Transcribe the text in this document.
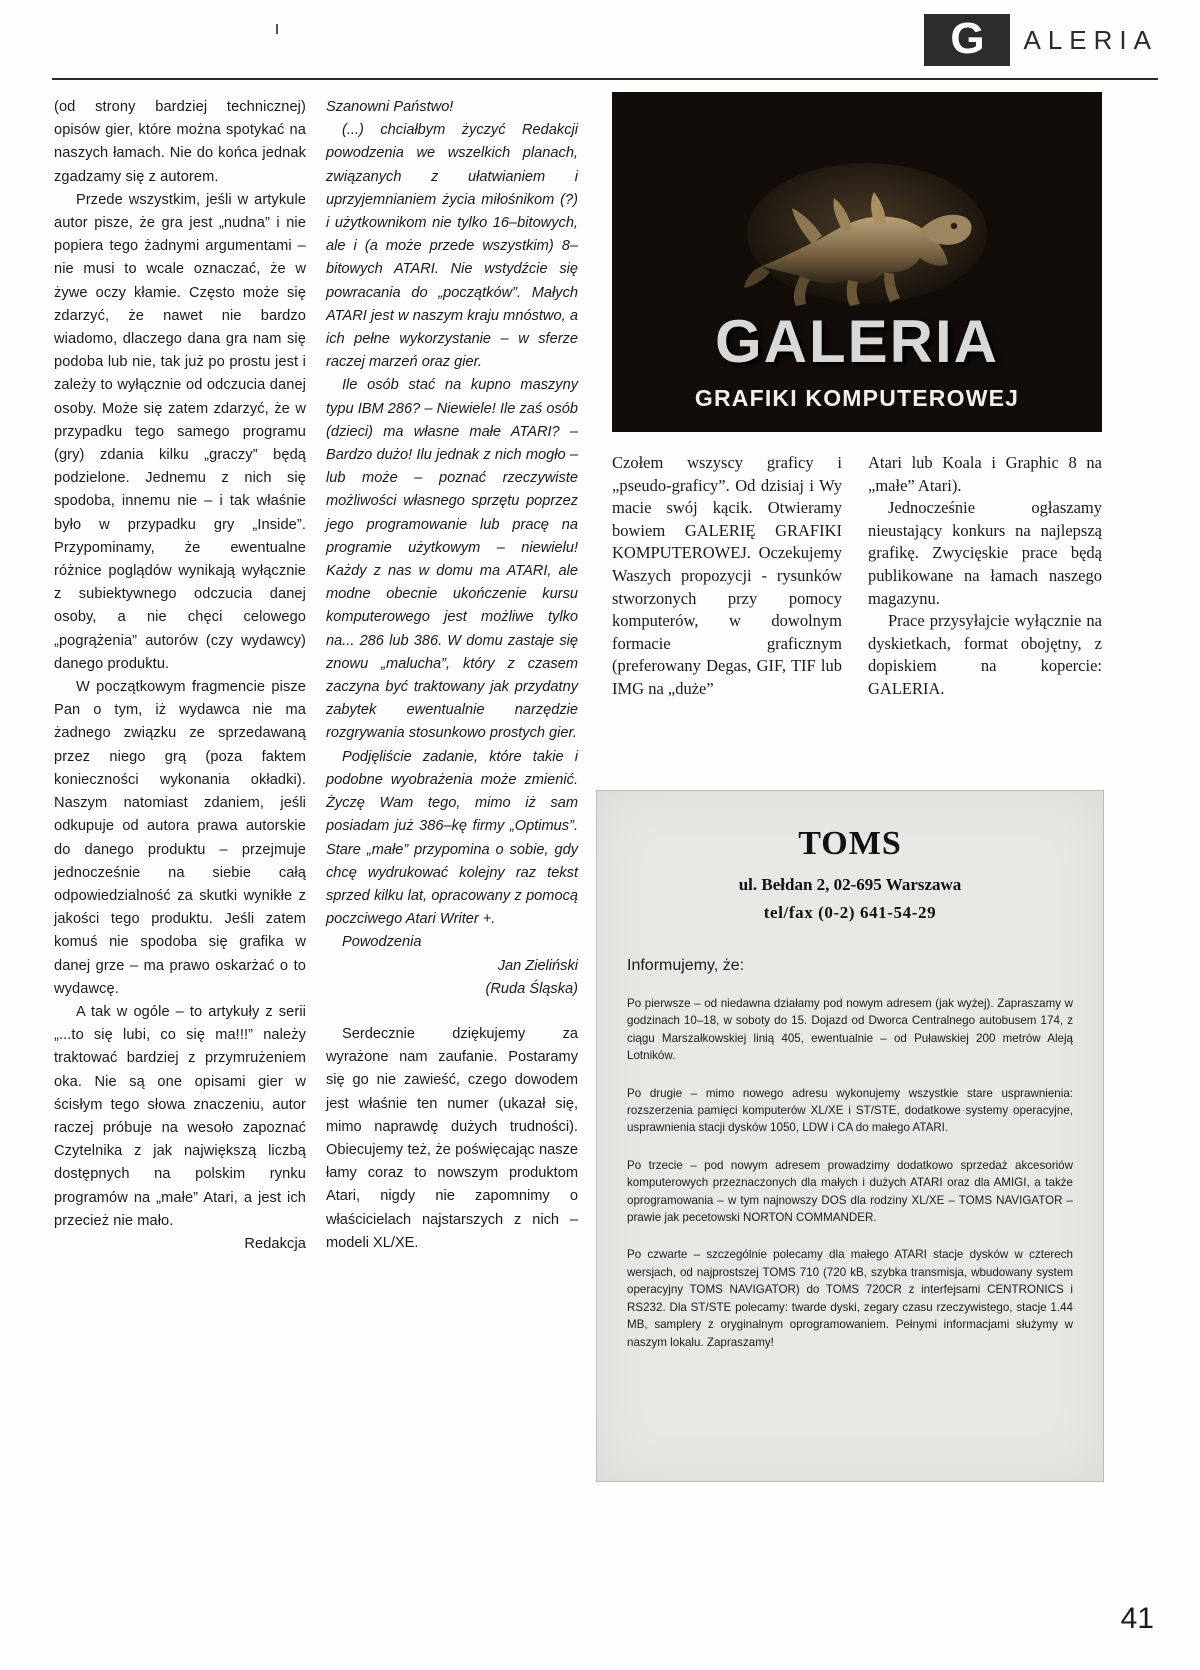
G ALERIA

(od strony bardziej technicznej) opisów gier, które można spotykać na naszych łamach. Nie do końca jednak zgadzamy się z autorem.

Przede wszystkim, jeśli w artykule autor pisze, że gra jest „nudna” i nie popiera tego żadnymi argumentami – nie musi to wcale oznaczać, że w żywe oczy kłamie. Często może się zdarzyć, że nawet nie bardzo wiadomo, dlaczego dana gra nam się podoba lub nie, tak już po prostu jest i zależy to wyłącznie od odczucia danej osoby. Może się zatem zdarzyć, że w przypadku tego samego programu (gry) zdania kilku „graczy” będą podzielone. Jednemu z nich się spodoba, innemu nie – i tak właśnie było w przypadku gry „Inside”. Przypominamy, że ewentualne różnice poglądów wynikają wyłącznie z subiektywnego odczucia danej osoby, a nie chęci celowego „pogrążenia” autorów (czy wydawcy) danego produktu.

W początkowym fragmencie pisze Pan o tym, iż wydawca nie ma żadnego związku ze sprzedawaną przez niego grą (poza faktem konieczności wykonania okładki). Naszym natomiast zdaniem, jeśli odkupuje od autora prawa autorskie do danego produktu – przejmuje jednocześnie na siebie całą odpowiedzialność za skutki wynikłe z jakości tego produktu. Jeśli zatem komuś nie spodoba się grafika w danej grze – ma prawo oskarżać o to wydawcę.

A tak w ogóle – to artykuły z serii „...to się lubi, co się ma!!!” należy traktować bardziej z przymrużeniem oka. Nie są one opisami gier w ścisłym tego słowa znaczeniu, autor raczej próbuje na wesoło zapoznać Czytelnika z jak największą liczbą dostępnych na polskim rynku programów na „małe” Atari, a jest ich przecież nie mało.

Redakcja

Szanowni Państwo!

(...) chciałbym życzyć Redakcji powodzenia we wszelkich planach, związanych z ułatwianiem i uprzyjemnianiem życia miłośnikom (?) i użytkownikom nie tylko 16–bitowych, ale i (a może przede wszystkim) 8–bitowych ATARI. Nie wstydźcie się powracania do „początków”. Małych ATARI jest w naszym kraju mnóstwo, a ich pełne wykorzystanie – w sferze raczej marzeń oraz gier.

Ile osób stać na kupno maszyny typu IBM 286? – Niewiele! Ile zaś osób (dzieci) ma własne małe ATARI? – Bardzo dużo! Ilu jednak z nich mogło – lub może – poznać rzeczywiste możliwości własnego sprzętu poprzez jego programowanie lub pracę na programie użytkowym – niewielu! Każdy z nas w domu ma ATARI, ale modne obecnie ukończenie kursu komputerowego jest możliwe tylko na... 286 lub 386. W domu zastaje się znowu „malucha”, który z czasem zaczyna być traktowany jak przydatny zabytek ewentualnie narzędzie rozgrywania stosunkowo prostych gier.

Podjęliście zadanie, które takie i podobne wyobrażenia może zmienić. Życzę Wam tego, mimo iż sam posiadam już 386–kę firmy „Optimus”. Stare „małe” przypomina o sobie, gdy chcę wydrukować kolejny raz tekst sprzed kilku lat, opracowany z pomocą poczciwego Atari Writer +.

Powodzenia

Jan Zieliński

(Ruda Śląska)

Serdecznie dziękujemy za wyrażone nam zaufanie. Postaramy się go nie zawieść, czego dowodem jest właśnie ten numer (ukazał się, mimo naprawdę dużych trudności). Obiecujemy też, że poświęcając nasze łamy coraz to nowszym produktom Atari, nigdy nie zapomnimy o właścicielach najstarszych z nich – modeli XL/XE.

GALERIA
GRAFIKI KOMPUTEROWEJ

Czołem wszyscy graficy i „pseudo-graficy”. Od dzisiaj i Wy macie swój kącik. Otwieramy bowiem GALERIĘ GRAFIKI KOMPUTEROWEJ. Oczekujemy Waszych propozycji - rysunków stworzonych przy pomocy komputerów, w dowolnym formacie graficznym (preferowany Degas, GIF, TIF lub IMG na „duże”

Atari lub Koala i Graphic 8 na „małe” Atari).

Jednocześnie ogłaszamy nieustający konkurs na najlepszą grafikę. Zwycięskie prace będą publikowane na łamach naszego magazynu.

Prace przysyłajcie wyłącznie na dyskietkach, format obojętny, z dopiskiem na kopercie: GALERIA.

TOMS
ul. Bełdan 2, 02-695 Warszawa
tel/fax (0-2) 641-54-29
Informujemy, że:
Po pierwsze – od niedawna działamy pod nowym adresem (jak wyżej). Zapraszamy w godzinach 10–18, w soboty do 15. Dojazd od Dworca Centralnego autobusem 174, z ciągu Marszałkowskiej linią 405, ewentualnie – od Puławskiej 200 metrów Aleją Lotników.
Po drugie – mimo nowego adresu wykonujemy wszystkie stare usprawnienia: rozszerzenia pamięci komputerów XL/XE i ST/STE, dodatkowe systemy operacyjne, usprawnienia stacji dysków 1050, LDW i CA do małego ATARI.
Po trzecie – pod nowym adresem prowadzimy dodatkowo sprzedaż akcesoriów komputerowych przeznaczonych dla małych i dużych ATARI oraz dla AMIGI, a także oprogramowania – w tym najnowszy DOS dla rodziny XL/XE – TOMS NAVIGATOR –prawie jak pecetowski NORTON COMMANDER.
Po czwarte – szczególnie polecamy dla małego ATARI stacje dysków w czterech wersjach, od najprostszej TOMS 710 (720 kB, szybka transmisja, wbudowany system operacyjny TOMS NAVIGATOR) do TOMS 720CR z interfejsami CENTRONICS i RS232. Dla ST/STE polecamy: twarde dyski, zegary czasu rzeczywistego, stacje 1.44 MB, samplery z oryginalnym oprogramowaniem. Pełnymi informacjami służymy w naszym lokalu. Zapraszamy!
41
